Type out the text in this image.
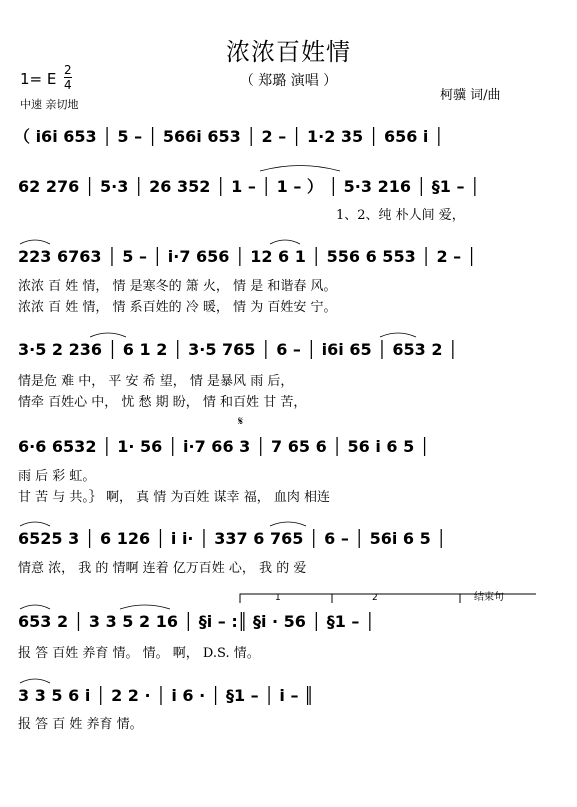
浓浓百姓情
（ 郑璐 演唱 ）
1= E 2
4
中速 亲切地
柯骥 词/曲
（ i6i 653 │ 5 – │ 566i 653 │ 2 – │ 1·2 35 │ 656 i │
62 276 │ 5·3 │ 26 352 │ 1 – │ 1 – ） │ 5·3 216 │ §1 – │
1、2、纯 朴人间 爱，
223 6763 │ 5 – │ i·7 656 │ 12 6 1 │ 556 6 553 │ 2 – │
浓浓 百 姓 情， 情 是寒冬的 箫 火， 情 是 和谐春 风。
浓浓 百 姓 情， 情 系百姓的 冷 暖， 情 为 百姓安 宁。
3·5 2 236 │ 6 1 2 │ 3·5 765 │ 6 – │ i6i 65 │ 653 2 │
情是危 难 中， 平 安 希 望， 情 是暴风 雨 后，
情牵 百姓心 中， 忧 愁 期 盼， 情 和百姓 甘 苦，
6·6 6532 │ 1· 56 │ i·7 66 3 │ 7 65 6 │ 56 i 6 5 │
雨 后 彩 虹。
甘 苦 与 共。｝ 啊， 真 情 为百姓 谋幸 福， 血肉 相连
6525 3 │ 6 126 │ i i· │ 337 6 765 │ 6 – │ 56i 6 5 │
情意 浓， 我 的 情啊 连着 亿万百姓 心， 我 的 爱
653 2 │ 3 3 5 2 16 │ §i – :║ §i · 56 │ §1 – │
报 答 百姓 养育 情。 情。 啊， D.S. 情。
3 3 5 6 i │ 2 2 · │ i 6 · │ §1 – │ i – ║
报 答 百 姓 养育 情。
1	2	结束句
𝄋
